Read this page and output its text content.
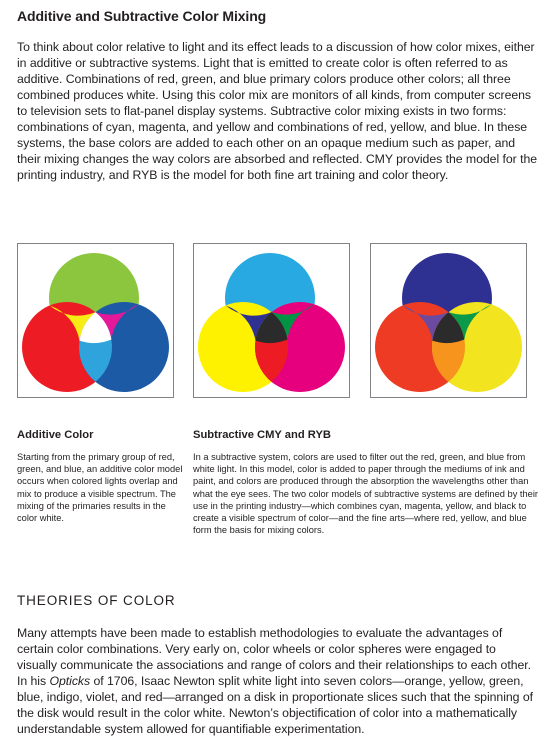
Additive and Subtractive Color Mixing

To think about color relative to light and its effect leads to a discussion of how color mixes, either in additive or subtractive systems. Light that is emitted to create color is often referred to as additive. Combinations of red, green, and blue primary colors produce other colors; all three combined produces white. Using this color mix are monitors of all kinds, from computer screens to television sets to flat-panel display systems. Subtractive color mixing exists in two forms: combinations of cyan, magenta, and yellow and combinations of red, yellow, and blue. In these systems, the base colors are added to each other on an opaque medium such as paper, and their mixing changes the way colors are absorbed and reflected. CMY provides the model for the printing industry, and RYB is the model for both fine art training and color theory.

Additive Color	Subtractive CMY and RYB

Starting from the primary group of red, green, and blue, an additive color model occurs when colored lights overlap and mix to produce a visible spectrum. The mixing of the primaries results in the color white.

In a subtractive system, colors are used to filter out the red, green, and blue from white light. In this model, color is added to paper through the mediums of ink and paint, and colors are produced through the absorption the wavelengths other than what the eye sees. The two color models of subtractive systems are defined by their use in the printing industry—which combines cyan, magenta, yellow, and black to create a visible spectrum of color—and the fine arts—where red, yellow, and blue form the basis for mixing colors.

THEORIES OF COLOR

Many attempts have been made to establish methodologies to evaluate the advantages of certain color combinations. Very early on, color wheels or color spheres were engaged to visually communicate the associations and range of colors and their relationships to each other. In his Opticks of 1706, Isaac Newton split white light into seven colors—orange, yellow, green, blue, indigo, violet, and red—arranged on a disk in proportionate slices such that the spinning of the disk would result in the color white. Newton’s objectification of color into a mathematically understandable system allowed for quantifiable experimentation.
